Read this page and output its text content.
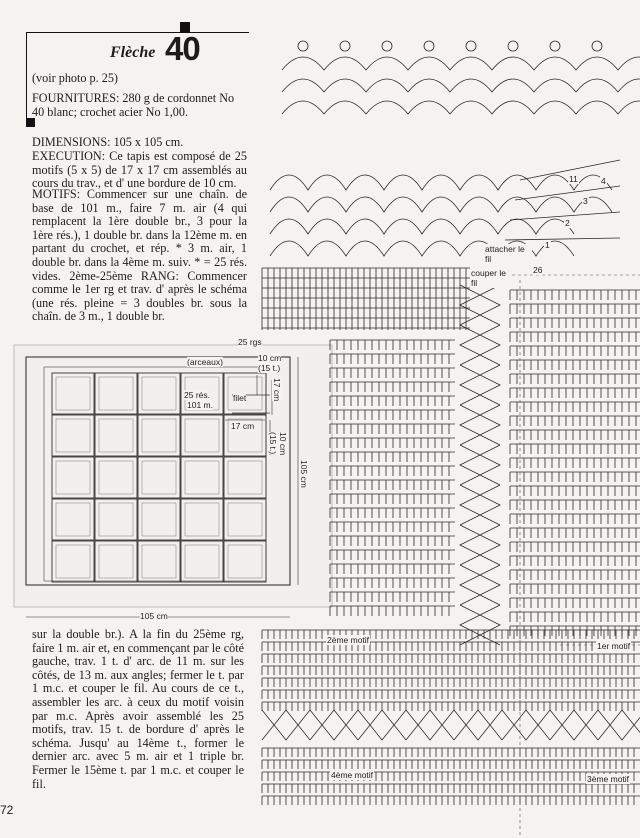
Flèche 40
(voir photo p. 25)
FOURNITURES: 280 g de cordonnet No 40 blanc; crochet acier No 1,00.
DIMENSIONS: 105 x 105 cm.
EXECUTION: Ce tapis est composé de 25 motifs (5 x 5) de 17 x 17 cm assemblés au cours du trav., et d' une bordure de 10 cm.
MOTIFS: Commencer sur une chaîn. de base de 101 m., faire 7 m. air (4 qui remplacent la 1ère double br., 3 pour la 1ère rés.), 1 double br. dans la 12ème m. en partant du crochet, et rép. * 3 m. air, 1 double br. dans la 4ème m. suiv. * = 25 rés. vides. 2ème-25ème RANG: Commencer comme le 1er rg et trav. d' après le schéma (une rés. pleine = 3 doubles br. sous la chaîn. de 3 m., 1 double br.
sur la double br.). A la fin du 25ème rg, faire 1 m. air et, en commençant par le côté gauche, trav. 1 t. d' arc. de 11 m. sur les côtés, de 13 m. aux angles; fermer le t. par 1 m.c. et couper le fil. Au cours de ce t., assembler les arc. à ceux du motif voisin par m.c. Après avoir assemblé les 25 motifs, trav. 15 t. de bordure d' après le schéma. Jusqu' au 14ème t., former le dernier arc. avec 5 m. air et 1 triple br. Fermer le 15ème t. par 1 m.c. et couper le fil.
25 rgs
(arceaux)	10 cm
(15 t.)
25 rés.
101 m.
filet	17 cm
17 cm
10 cm
(15 t.)
105 cm
105 cm
attacher le fil
couper le fil
4
3
2
1
11
26
2ème motif
1er motif
4ème motif	3ème motif
72
